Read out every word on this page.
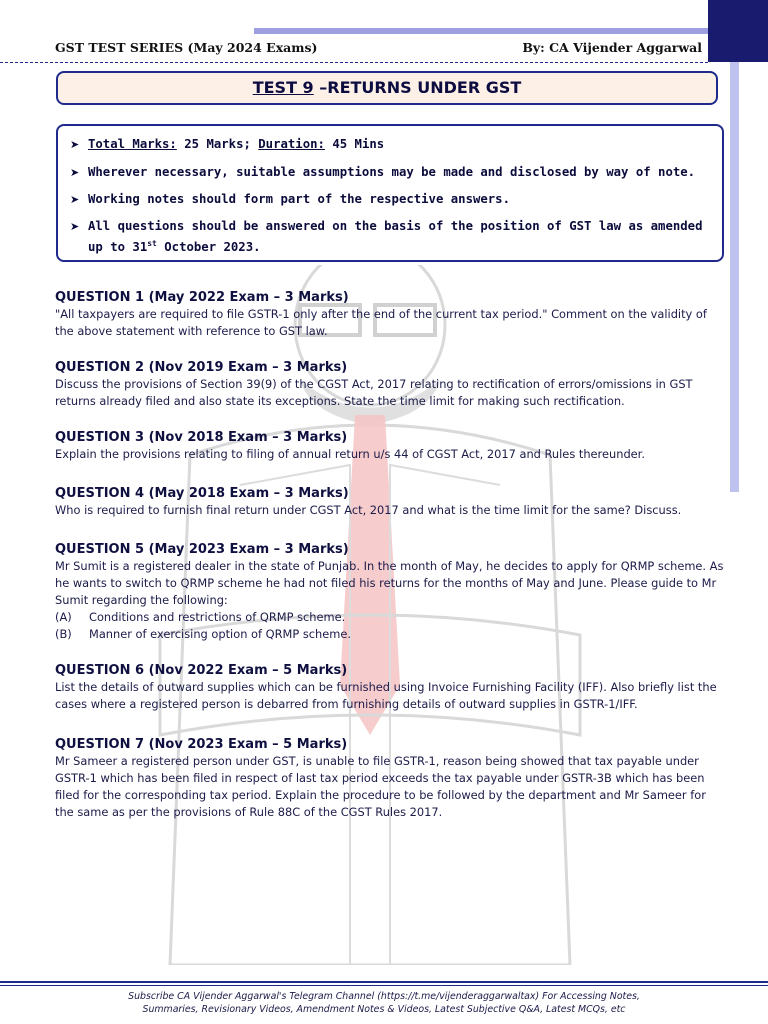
GST TEST SERIES (May 2024 Exams)	By: CA Vijender Aggarwal
TEST 9 –RETURNS UNDER GST
➤ Total Marks: 25 Marks; Duration: 45 Mins
➤ Wherever necessary, suitable assumptions may be made and disclosed by way of note.
➤ Working notes should form part of the respective answers.
➤ All questions should be answered on the basis of the position of GST law as amended up to 31st October 2023.
QUESTION 1 (May 2022 Exam – 3 Marks)
"All taxpayers are required to file GSTR-1 only after the end of the current tax period." Comment on the validity of the above statement with reference to GST law.
QUESTION 2 (Nov 2019 Exam – 3 Marks)
Discuss the provisions of Section 39(9) of the CGST Act, 2017 relating to rectification of errors/omissions in GST returns already filed and also state its exceptions. State the time limit for making such rectification.
QUESTION 3 (Nov 2018 Exam – 3 Marks)
Explain the provisions relating to filing of annual return u/s 44 of CGST Act, 2017 and Rules thereunder.
QUESTION 4 (May 2018 Exam – 3 Marks)
Who is required to furnish final return under CGST Act, 2017 and what is the time limit for the same? Discuss.
QUESTION 5 (May 2023 Exam – 3 Marks)
Mr Sumit is a registered dealer in the state of Punjab. In the month of May, he decides to apply for QRMP scheme. As he wants to switch to QRMP scheme he had not filed his returns for the months of May and June. Please guide to Mr Sumit regarding the following:
(A) Conditions and restrictions of QRMP scheme.
(B) Manner of exercising option of QRMP scheme.
QUESTION 6 (Nov 2022 Exam – 5 Marks)
List the details of outward supplies which can be furnished using Invoice Furnishing Facility (IFF). Also briefly list the cases where a registered person is debarred from furnishing details of outward supplies in GSTR-1/IFF.
QUESTION 7 (Nov 2023 Exam – 5 Marks)
Mr Sameer a registered person under GST, is unable to file GSTR-1, reason being showed that tax payable under GSTR-1 which has been filed in respect of last tax period exceeds the tax payable under GSTR-3B which has been filed for the corresponding tax period. Explain the procedure to be followed by the department and Mr Sameer for the same as per the provisions of Rule 88C of the CGST Rules 2017.
Subscribe CA Vijender Aggarwal's Telegram Channel (https://t.me/vijenderaggarwaltax) For Accessing Notes,
Summaries, Revisionary Videos, Amendment Notes & Videos, Latest Subjective Q&A, Latest MCQs, etc
